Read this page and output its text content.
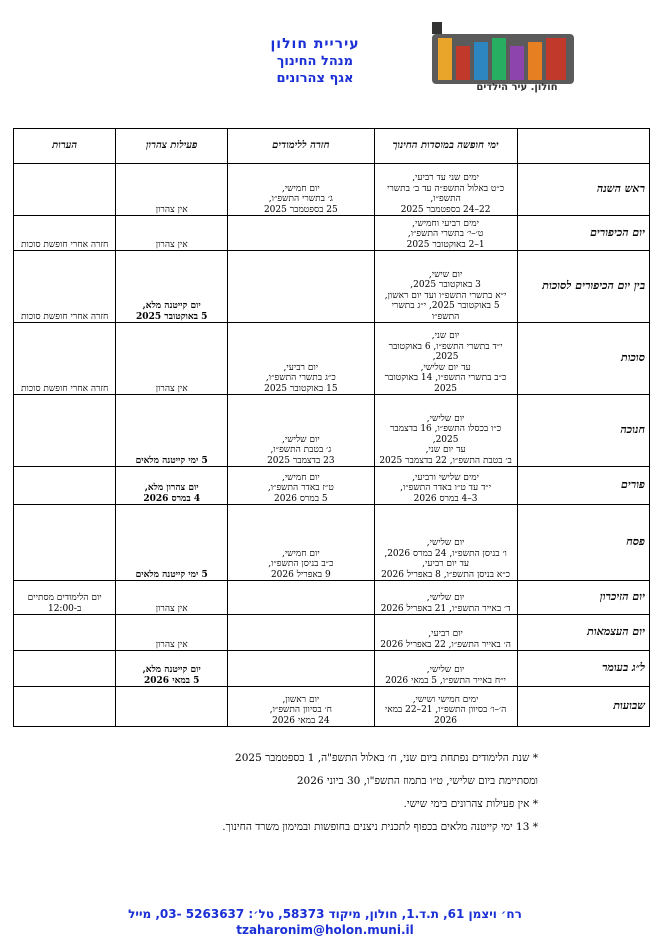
עיריית חולון
מנהל החינוך
אגף צהרונים
חולון. עיר הילדים
	ימי חופשה במוסדות החינוך	חזרה ללימודים	פעילות צהרון	הערות
ראש השנה	ימים שני עד רביעי,
כ״ט באלול התשפ״ה עד ב׳ בתשרי התשפ״ו,
22–24 בספטמבר 2025	יום חמישי,
ג׳ בתשרי התשפ״ו,
25 בספטמבר 2025	אין צהרון	
יום הכיפורים	ימים רביעי וחמישי,
ט׳–י׳ בתשרי התשפ״ו,
1–2 באוקטובר 2025		אין צהרון	חזרה אחרי חופשת סוכות
בין יום הכיפורים לסוכות	יום שישי,
3 באוקטובר 2025,
י״א בתשרי התשפ״ו ועד יום ראשון,
5 באוקטובר 2025, י״ג בתשרי התשפ״ו		יום קייטנה מלא,
5 באוקטובר 2025	חזרה אחרי חופשת סוכות
סוכות	יום שני,
י״ד בתשרי התשפ״ו, 6 באוקטובר 2025,
עד יום שלישי,
כ״ב בתשרי התשפ״ו, 14 באוקטובר 2025	יום רביעי,
כ״ג בתשרי התשפ״ו,
15 באוקטובר 2025	אין צהרון	חזרה אחרי חופשת סוכות
חנוכה	יום שלישי,
כ״ו בכסלו התשפ״ו, 16 בדצמבר 2025,
עד יום שני,
ב׳ בטבת התשפ״ו, 22 בדצמבר 2025	יום שלישי,
ג׳ בטבת התשפ״ו,
23 בדצמבר 2025	5 ימי קייטנה מלאים	
פורים	ימים שלישי ורביעי,
י״ד עד ט״ו באדר התשפ״ו,
3–4 במרס 2026	יום חמישי,
ט״ז באדר התשפ״ו,
5 במרס 2026	יום צהרון מלא,
4 במרס 2026	
פסח	יום שלישי,
ו׳ בניסן התשפ״ו, 24 במרס 2026,
עד יום רביעי,
כ״א בניסן התשפ״ו, 8 באפריל 2026	יום חמישי,
כ״ב בניסן התשפ״ו,
9 באפריל 2026	5 ימי קייטנה מלאים	
יום הזיכרון	יום שלישי,
ד׳ באייר התשפ״ו, 21 באפריל 2026		אין צהרון	יום הלימודים מסתיים ב-12:00
יום העצמאות	יום רביעי,
ה׳ באייר התשפ״ו, 22 באפריל 2026		אין צהרון	
ל״ג בעומר	יום שלישי,
י״ח באייר התשפ״ו, 5 במאי 2026		יום קייטנה מלא,
5 במאי 2026	
שבועות	ימים חמישי ושישי,
ה׳–ו׳ בסיוון התשפ״ו, 21–22 במאי 2026	יום ראשון,
ח׳ בסיוון התשפ״ו,
24 במאי 2026		

* שנת הלימודים נפתחת ביום שני, ח׳ באלול התשפ"ה, 1 בספטמבר 2025

ומסתיימת ביום שלישי, ט״ו בתמוז התשפ"ו, 30 ביוני 2026

* אין פעילות צהרונים בימי שישי.

* 13 ימי קייטנה מלאים בכפוף לתכנית ניצנים בחופשות ובמימון משרד החינוך.

רח׳ ויצמן 61, ת.ד.1, חולון, מיקוד 58373, טל׳: 5263637 -03, מייל
tzaharonim@holon.muni.il
